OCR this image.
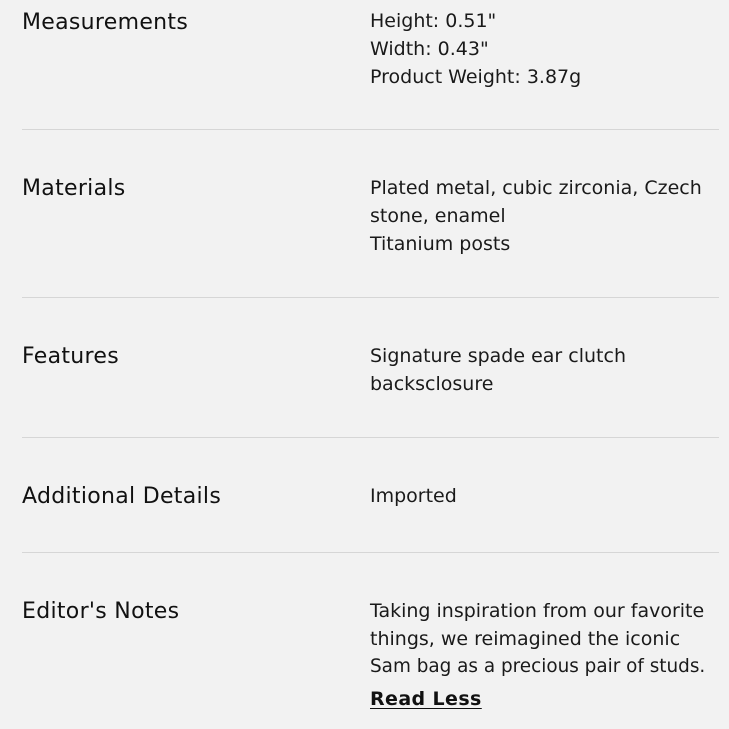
Measurements	Height: 0.51"
Width: 0.43"
Product Weight: 3.87g
Materials	Plated metal, cubic zirconia, Czech
stone, enamel
Titanium posts
Features	Signature spade ear clutch
backsclosure
Additional Details	Imported
Editor's Notes	Taking inspiration from our favorite
things, we reimagined the iconic
Sam bag as a precious pair of studs.
Read Less
